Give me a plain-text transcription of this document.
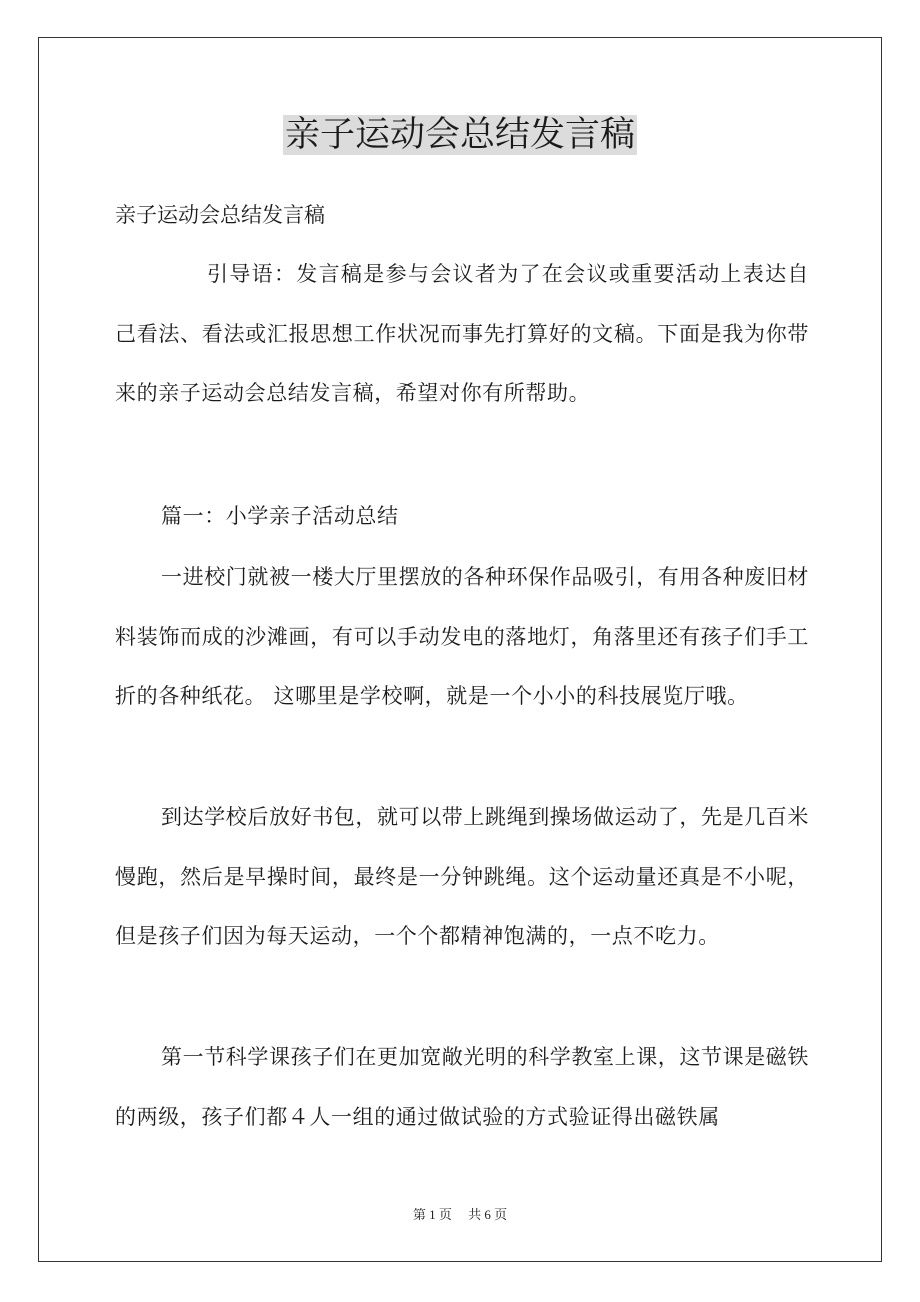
亲子运动会总结发言稿

亲子运动会总结发言稿

引导语：发言稿是参与会议者为了在会议或重要活动上表达自己看法、看法或汇报思想工作状况而事先打算好的文稿。下面是我为你带来的亲子运动会总结发言稿，希望对你有所帮助。

篇一：小学亲子活动总结

一进校门就被一楼大厅里摆放的各种环保作品吸引，有用各种废旧材料装饰而成的沙滩画，有可以手动发电的落地灯，角落里还有孩子们手工折的各种纸花。 这哪里是学校啊，就是一个小小的科技展览厅哦。

到达学校后放好书包，就可以带上跳绳到操场做运动了，先是几百米慢跑，然后是早操时间，最终是一分钟跳绳。这个运动量还真是不小呢，但是孩子们因为每天运动，一个个都精神饱满的，一点不吃力。

第一节科学课孩子们在更加宽敞光明的科学教室上课，这节课是磁铁的两级，孩子们都４人一组的通过做试验的方式验证得出磁铁属

第 1 页　 共 6 页
